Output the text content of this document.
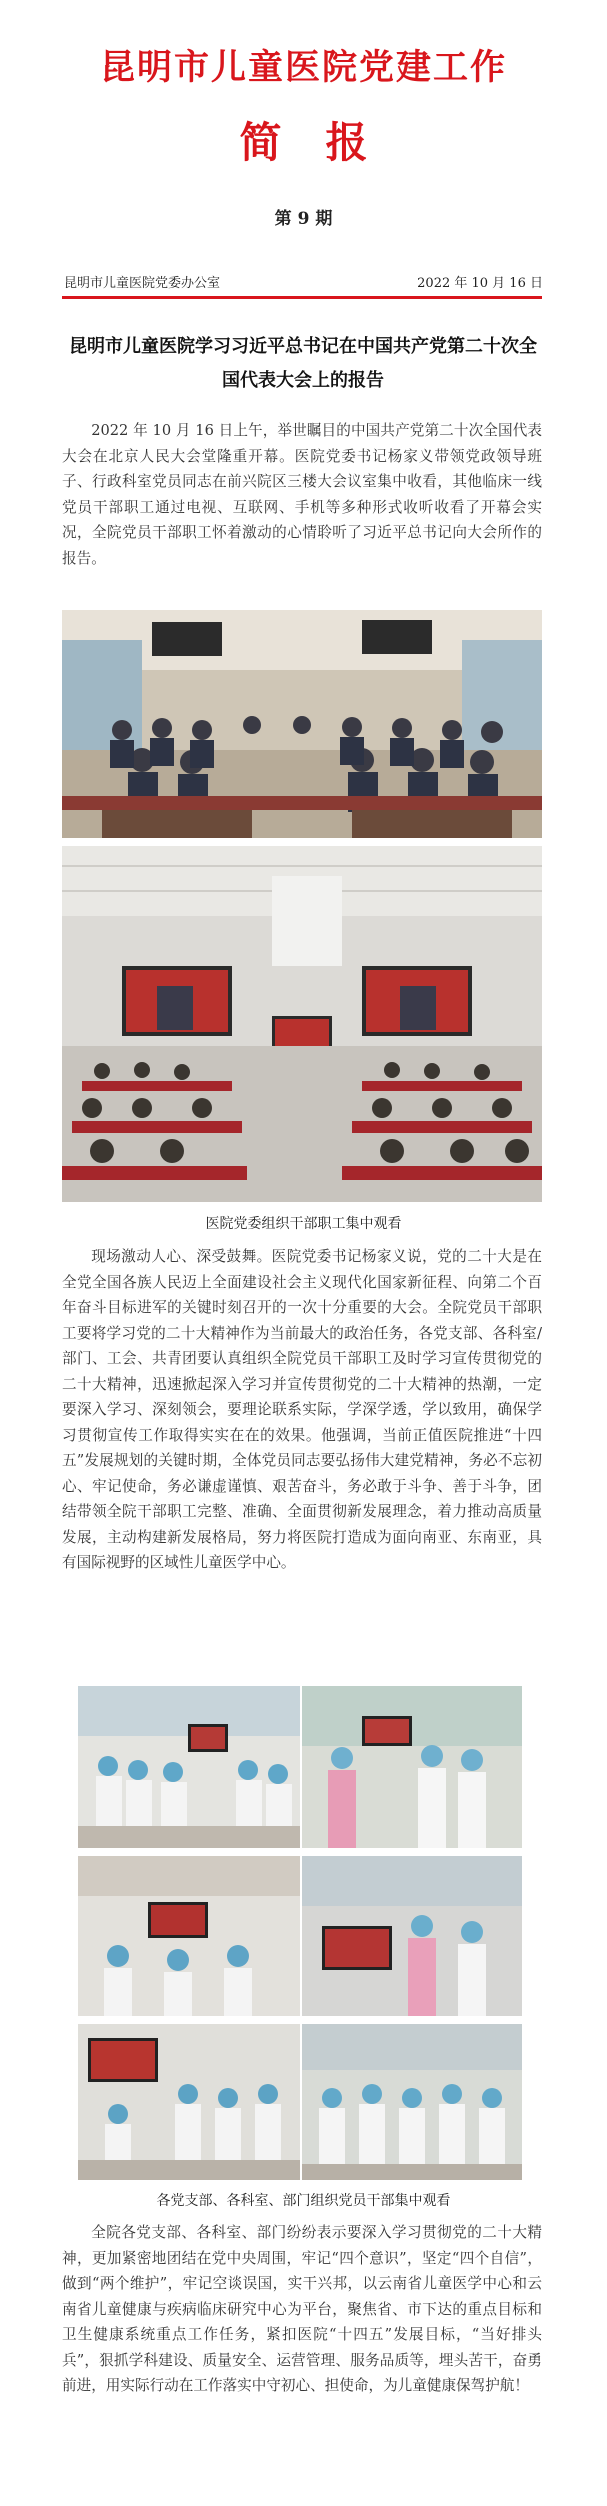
昆明市儿童医院党建工作
简报
第 9 期
昆明市儿童医院党委办公室	2022 年 10 月 16 日
昆明市儿童医院学习习近平总书记在中国共产党第二十次全国代表大会上的报告

2022 年 10 月 16 日上午，举世瞩目的中国共产党第二十次全国代表大会在北京人民大会堂隆重开幕。医院党委书记杨家义带领党政领导班子、行政科室党员同志在前兴院区三楼大会议室集中收看，其他临床一线党员干部职工通过电视、互联网、手机等多种形式收听收看了开幕会实况，全院党员干部职工怀着激动的心情聆听了习近平总书记向大会所作的报告。

医院党委组织干部职工集中观看

现场激动人心、深受鼓舞。医院党委书记杨家义说，党的二十大是在全党全国各族人民迈上全面建设社会主义现代化国家新征程、向第二个百年奋斗目标进军的关键时刻召开的一次十分重要的大会。全院党员干部职工要将学习党的二十大精神作为当前最大的政治任务，各党支部、各科室/部门、工会、共青团要认真组织全院党员干部职工及时学习宣传贯彻党的二十大精神，迅速掀起深入学习并宣传贯彻党的二十大精神的热潮，一定要深入学习、深刻领会，要理论联系实际，学深学透，学以致用，确保学习贯彻宣传工作取得实实在在的效果。他强调，当前正值医院推进“十四五”发展规划的关键时期，全体党员同志要弘扬伟大建党精神，务必不忘初心、牢记使命，务必谦虚谨慎、艰苦奋斗，务必敢于斗争、善于斗争，团结带领全院干部职工完整、准确、全面贯彻新发展理念，着力推动高质量发展，主动构建新发展格局，努力将医院打造成为面向南亚、东南亚，具有国际视野的区域性儿童医学中心。

各党支部、各科室、部门组织党员干部集中观看

全院各党支部、各科室、部门纷纷表示要深入学习贯彻党的二十大精神，更加紧密地团结在党中央周围，牢记“四个意识”，坚定“四个自信”，做到“两个维护”，牢记空谈误国，实干兴邦，以云南省儿童医学中心和云南省儿童健康与疾病临床研究中心为平台，聚焦省、市下达的重点目标和卫生健康系统重点工作任务，紧扣医院“十四五”发展目标，“当好排头兵”，狠抓学科建设、质量安全、运营管理、服务品质等，埋头苦干，奋勇前进，用实际行动在工作落实中守初心、担使命，为儿童健康保驾护航！
